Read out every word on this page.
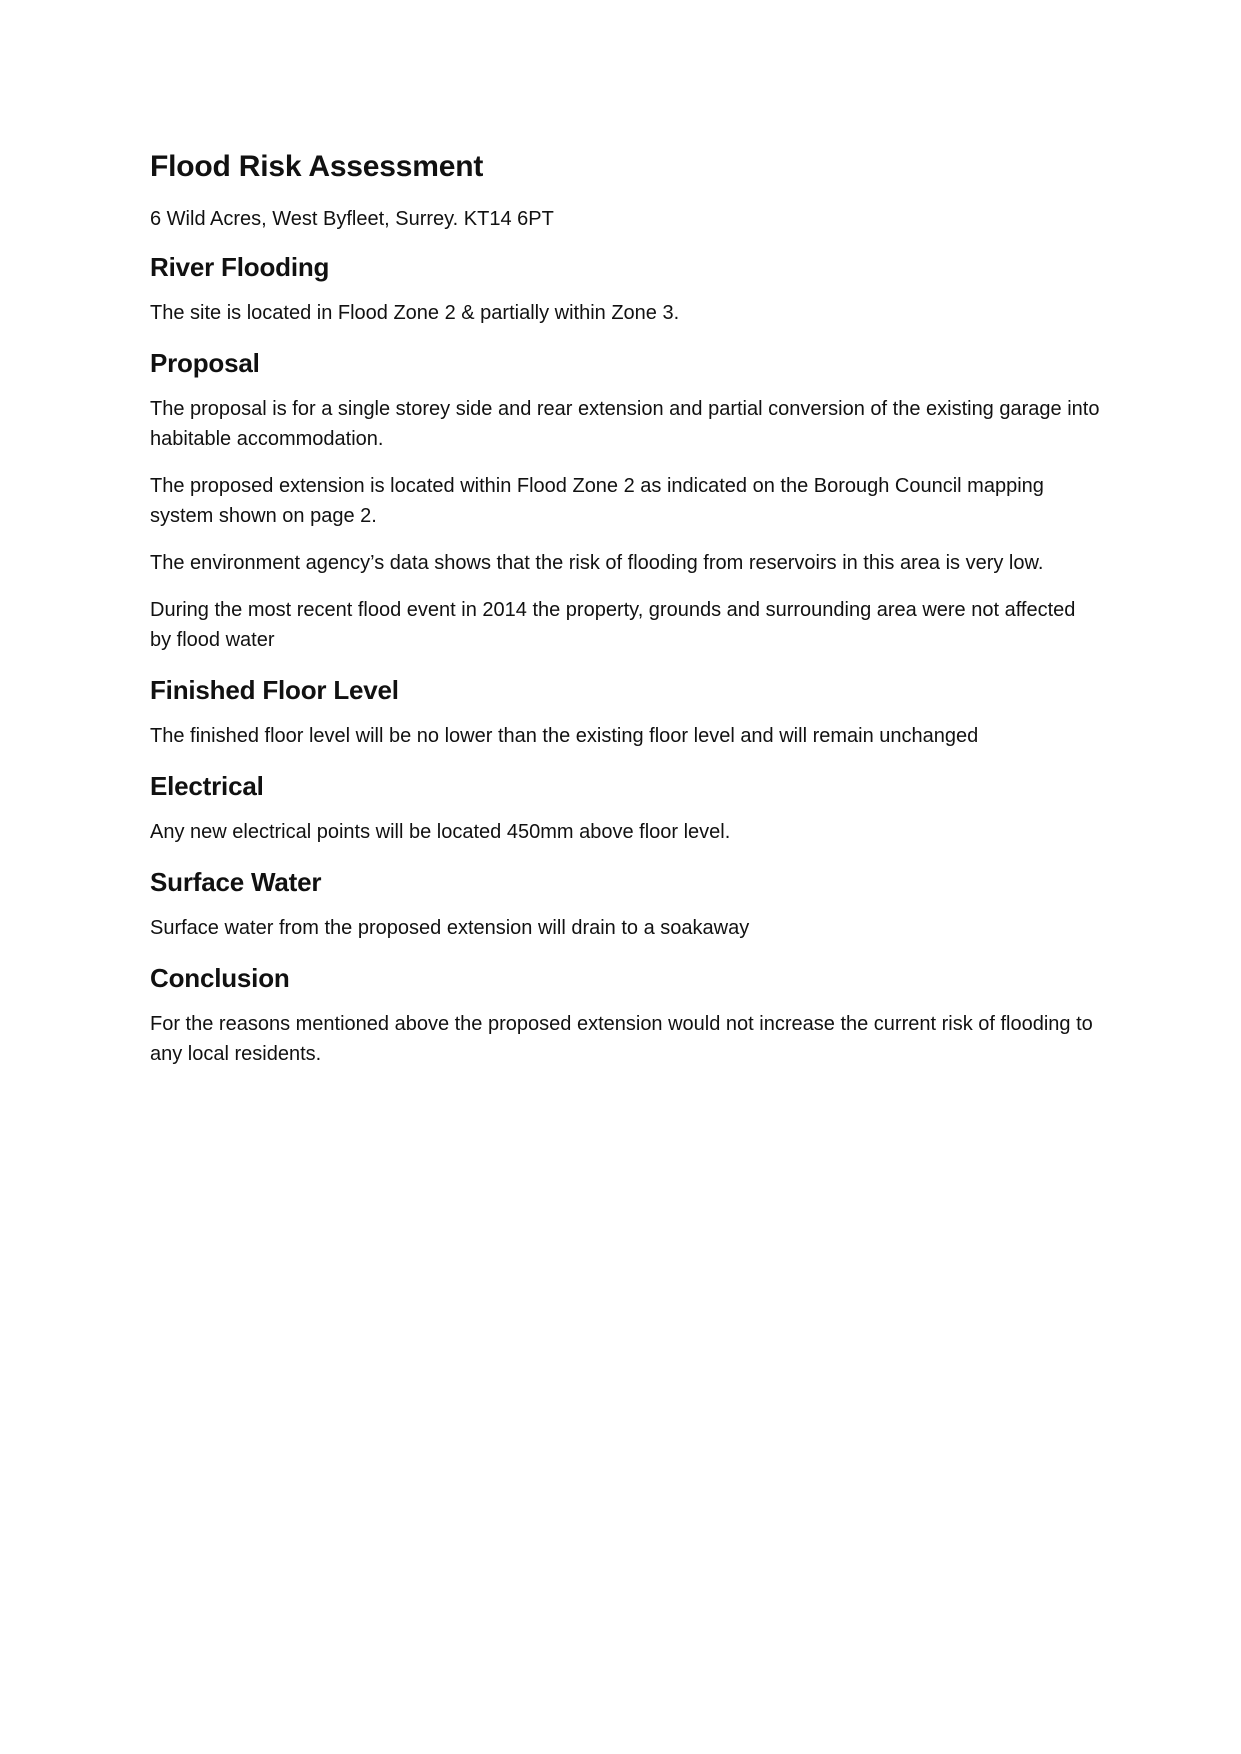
Flood Risk Assessment

6 Wild Acres, West Byfleet, Surrey. KT14 6PT

River Flooding

The site is located in Flood Zone 2 & partially within Zone 3.

Proposal

The proposal is for a single storey side and rear extension and partial conversion of the existing garage into habitable accommodation.

The proposed extension is located within Flood Zone 2 as indicated on the Borough Council mapping system shown on page 2.

The environment agency’s data shows that the risk of flooding from reservoirs in this area is very low.

During the most recent flood event in 2014 the property, grounds and surrounding area were not affected by flood water

Finished Floor Level

The finished floor level will be no lower than the existing floor level and will remain unchanged

Electrical

Any new electrical points will be located 450mm above floor level.

Surface Water

Surface water from the proposed extension will drain to a soakaway

Conclusion

For the reasons mentioned above the proposed extension would not increase the current risk of flooding to any local residents.
